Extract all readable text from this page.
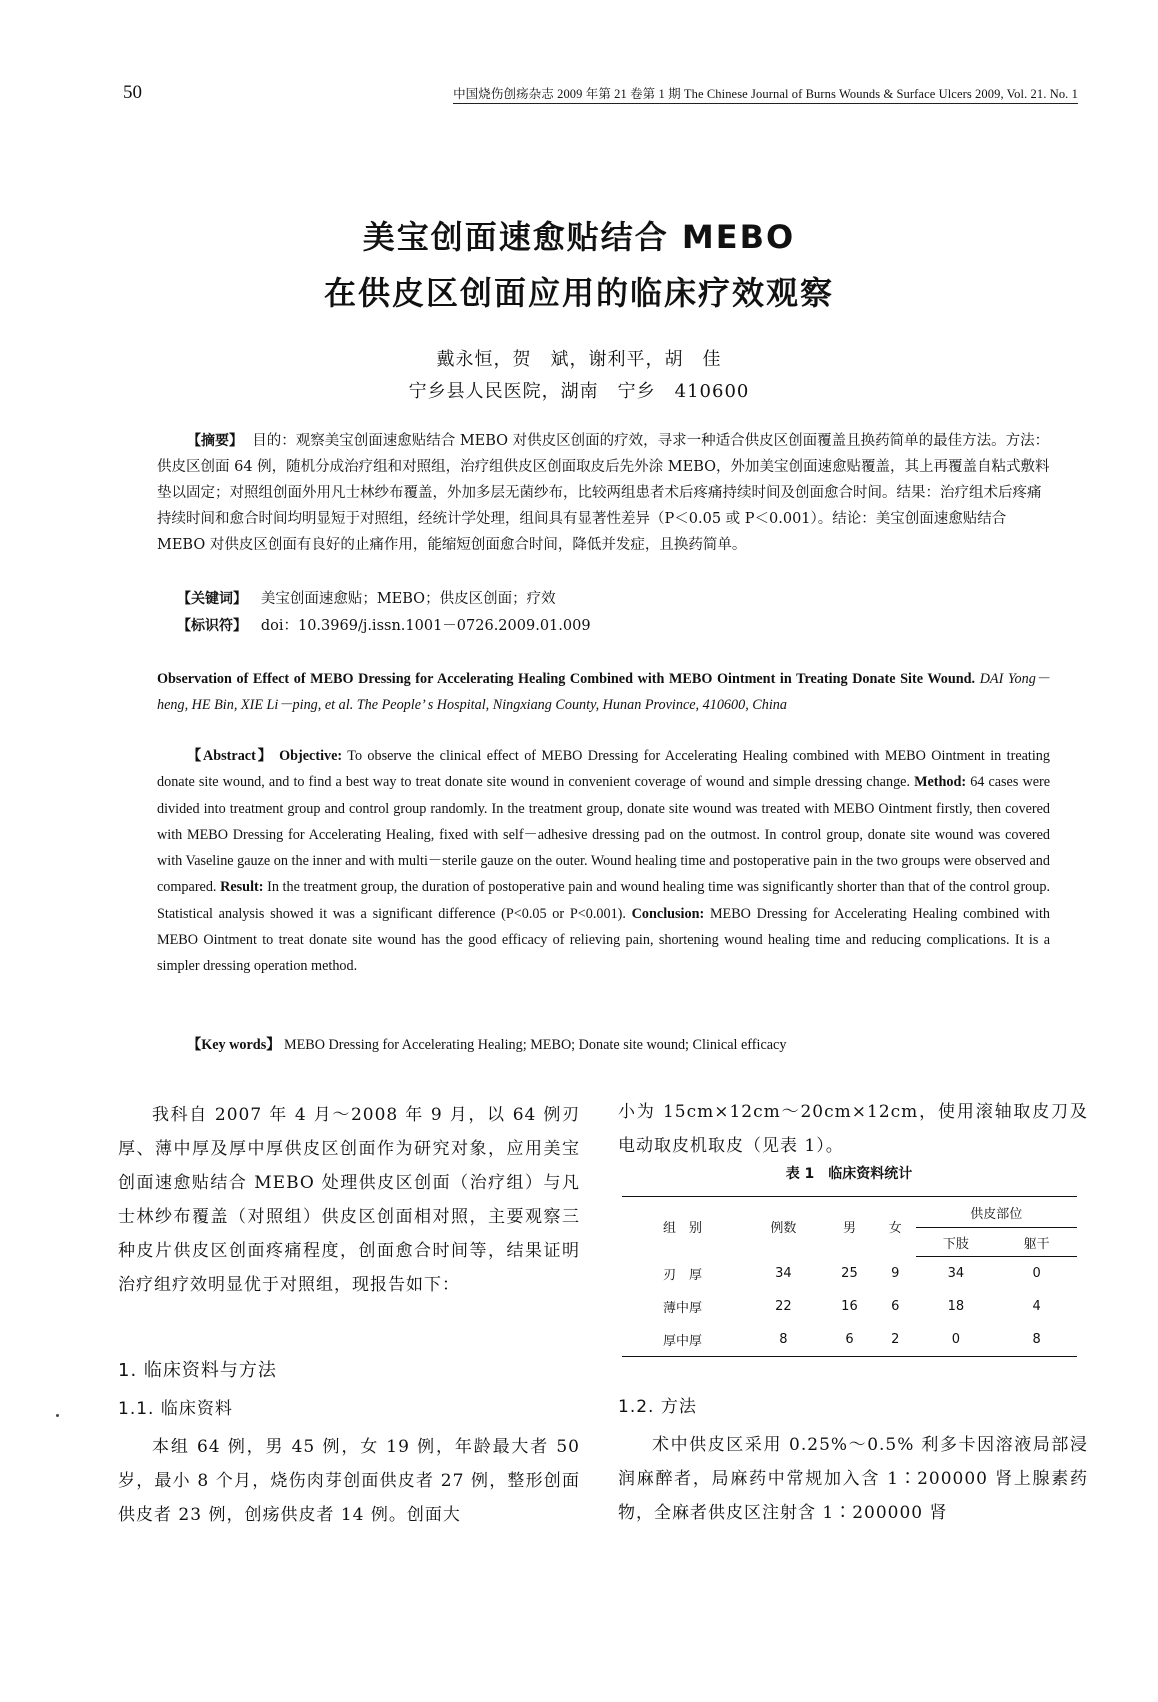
50	中国烧伤创疡杂志 2009 年第 21 卷第 1 期 The Chinese Journal of Burns Wounds & Surface Ulcers 2009, Vol. 21. No. 1
美宝创面速愈贴结合 MEBO
在供皮区创面应用的临床疗效观察
戴永恒，贺　斌，谢利平，胡　佳
宁乡县人民医院，湖南　宁乡　410600
【摘要】 目的：观察美宝创面速愈贴结合 MEBO 对供皮区创面的疗效，寻求一种适合供皮区创面覆盖且换药简单的最佳方法。方法：供皮区创面 64 例，随机分成治疗组和对照组，治疗组供皮区创面取皮后先外涂 MEBO，外加美宝创面速愈贴覆盖，其上再覆盖自粘式敷料垫以固定；对照组创面外用凡士林纱布覆盖，外加多层无菌纱布，比较两组患者术后疼痛持续时间及创面愈合时间。结果：治疗组术后疼痛持续时间和愈合时间均明显短于对照组，经统计学处理，组间具有显著性差异（P＜0.05 或 P＜0.001）。结论：美宝创面速愈贴结合 MEBO 对供皮区创面有良好的止痛作用，能缩短创面愈合时间，降低并发症，且换药简单。
【关键词】 美宝创面速愈贴；MEBO；供皮区创面；疗效
【标识符】 doi：10.3969/j.issn.1001－0726.2009.01.009
Observation of Effect of MEBO Dressing for Accelerating Healing Combined with MEBO Ointment in Treating Donate Site Wound. DAI Yong－heng, HE Bin, XIE Li－ping, et al. The People’ s Hospital, Ningxiang County, Hunan Province, 410600, China
【Abstract】 Objective: To observe the clinical effect of MEBO Dressing for Accelerating Healing combined with MEBO Ointment in treating donate site wound, and to find a best way to treat donate site wound in convenient coverage of wound and simple dressing change. Method: 64 cases were divided into treatment group and control group randomly. In the treatment group, donate site wound was treated with MEBO Ointment firstly, then covered with MEBO Dressing for Accelerating Healing, fixed with self－adhesive dressing pad on the outmost. In control group, donate site wound was covered with Vaseline gauze on the inner and with multi－sterile gauze on the outer. Wound healing time and postoperative pain in the two groups were observed and compared. Result: In the treatment group, the duration of postoperative pain and wound healing time was significantly shorter than that of the control group. Statistical analysis showed it was a significant difference (P<0.05 or P<0.001). Conclusion: MEBO Dressing for Accelerating Healing combined with MEBO Ointment to treat donate site wound has the good efficacy of relieving pain, shortening wound healing time and reducing complications. It is a simpler dressing operation method.
【Key words】 MEBO Dressing for Accelerating Healing; MEBO; Donate site wound; Clinical efficacy
我科自 2007 年 4 月～2008 年 9 月，以 64 例刃厚、薄中厚及厚中厚供皮区创面作为研究对象，应用美宝创面速愈贴结合 MEBO 处理供皮区创面（治疗组）与凡士林纱布覆盖（对照组）供皮区创面相对照，主要观察三种皮片供皮区创面疼痛程度，创面愈合时间等，结果证明治疗组疗效明显优于对照组，现报告如下：
1. 临床资料与方法
1.1. 临床资料
本组 64 例，男 45 例，女 19 例，年龄最大者 50 岁，最小 8 个月，烧伤肉芽创面供皮者 27 例，整形创面供皮者 23 例，创疡供皮者 14 例。创面大
小为 15cm×12cm～20cm×12cm，使用滚轴取皮刀及电动取皮机取皮（见表 1）。
表 1　临床资料统计
组　别	例数	男	女	供皮部位	
				下肢	躯干
刃　厚	34	25	9	34	0
薄中厚	22	16	6	18	4
厚中厚	8	6	2	0	8
1.2. 方法
术中供皮区采用 0.25%～0.5% 利多卡因溶液局部浸润麻醉者，局麻药中常规加入含 1∶200000 肾上腺素药物，全麻者供皮区注射含 1∶200000 肾
